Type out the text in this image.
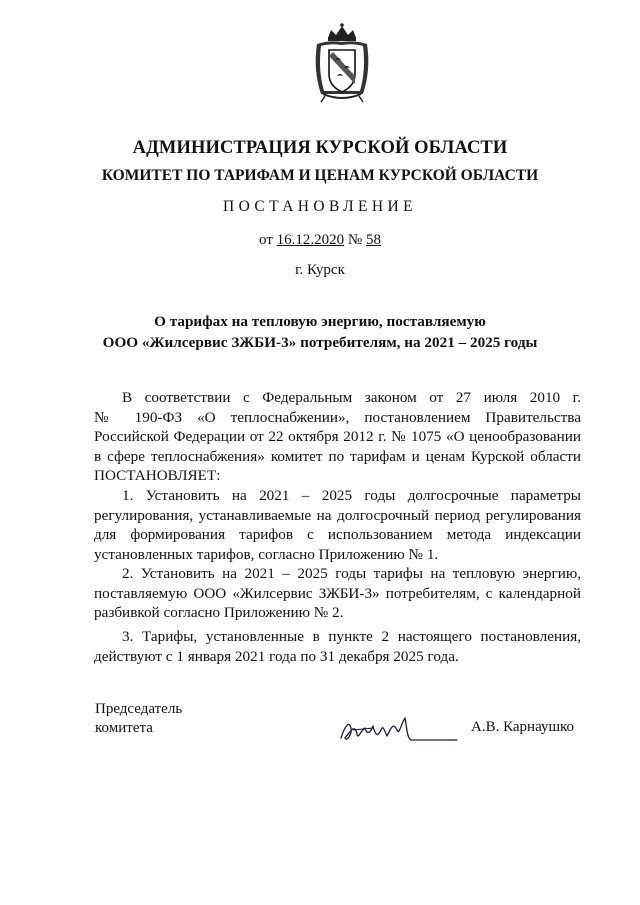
АДМИНИСТРАЦИЯ КУРСКОЙ ОБЛАСТИ
КОМИТЕТ ПО ТАРИФАМ И ЦЕНАМ КУРСКОЙ ОБЛАСТИ
ПОСТАНОВЛЕНИЕ
от 16.12.2020 № 58
г. Курск
О тарифах на тепловую энергию, поставляемую
ООО «Жилсервис ЗЖБИ-3» потребителям, на 2021 – 2025 годы
В соответствии с Федеральным законом от 27 июля 2010 г.
№ 190-ФЗ «О теплоснабжении», постановлением Правительства
Российской Федерации от 22 октября 2012 г. № 1075 «О ценообразовании
в сфере теплоснабжения» комитет по тарифам и ценам Курской области
ПОСТАНОВЛЯЕТ:
1. Установить на 2021 – 2025 годы долгосрочные параметры
регулирования, устанавливаемые на долгосрочный период регулирования
для формирования тарифов с использованием метода индексации
установленных тарифов, согласно Приложению № 1.
2. Установить на 2021 – 2025 годы тарифы на тепловую энергию,
поставляемую ООО «Жилсервис ЗЖБИ-3» потребителям, с календарной
разбивкой согласно Приложению № 2.
3. Тарифы, установленные в пункте 2 настоящего постановления,
действуют с 1 января 2021 года по 31 декабря 2025 года.
Председатель
комитета	А.В. Карнаушко
